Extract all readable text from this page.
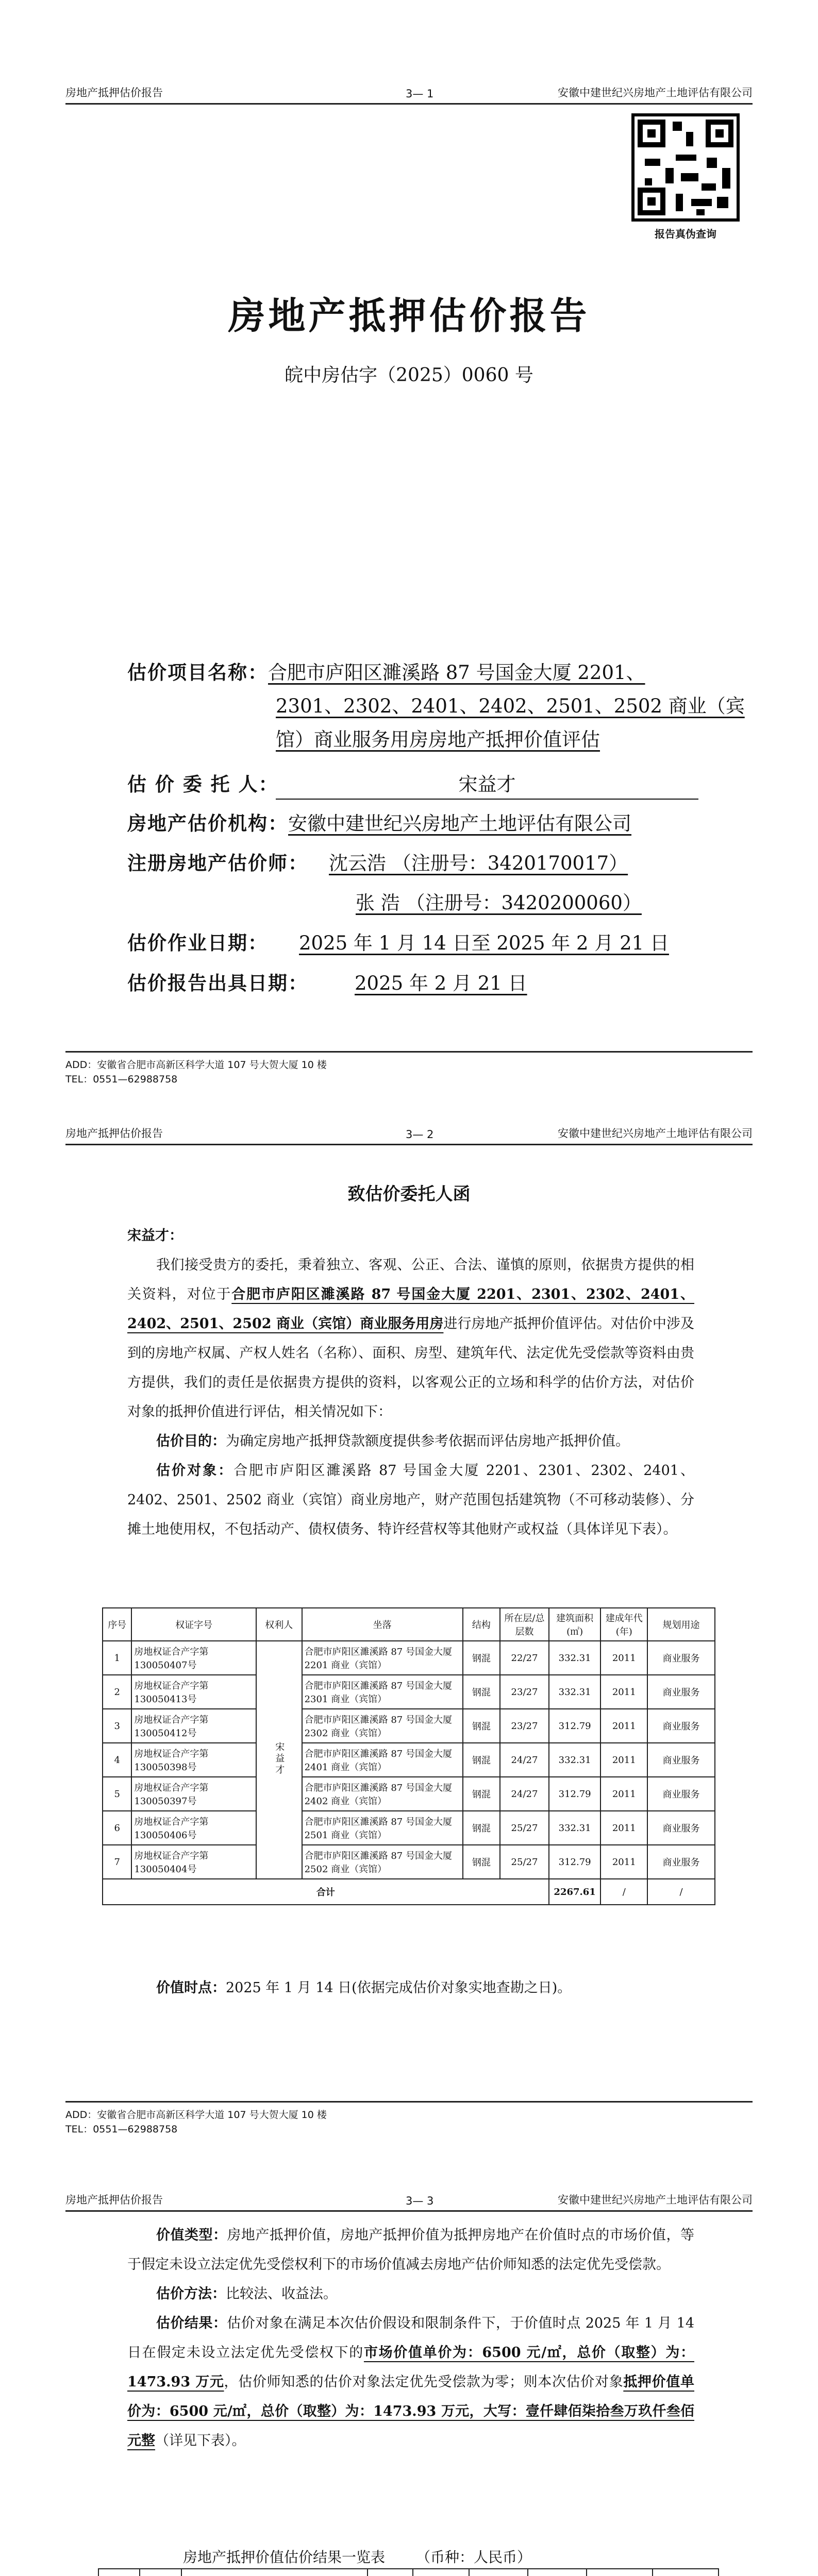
房地产抵押估价报告	3— 1	安徽中建世纪兴房地产土地评估有限公司
报告真伪查询
房地产抵押估价报告
皖中房估字（2025）0060 号
估价项目名称：合肥市庐阳区濉溪路 87 号国金大厦 2201、
2301、2302、2401、2402、2501、2502 商业（宾
馆）商业服务用房房地产抵押价值评估
估 价 委 托 人：	宋益才
房地产估价机构：安徽中建世纪兴房地产土地评估有限公司
注册房地产估价师： 沈云浩 （注册号：3420170017）
张 浩 （注册号：3420200060）
估价作业日期： 2025 年 1 月 14 日至 2025 年 2 月 21 日
估价报告出具日期： 2025 年 2 月 21 日
ADD：安徽省合肥市高新区科学大道 107 号大贺大厦 10 楼
TEL：0551—62988758
房地产抵押估价报告	3— 2	安徽中建世纪兴房地产土地评估有限公司
致估价委托人函

宋益才：

我们接受贵方的委托，秉着独立、客观、公正、合法、谨慎的原则，依据贵方提供的相关资料，对位于合肥市庐阳区濉溪路 87 号国金大厦 2201、2301、2302、2401、2402、2501、2502 商业（宾馆）商业服务用房进行房地产抵押价值评估。对估价中涉及到的房地产权属、产权人姓名（名称）、面积、房型、建筑年代、法定优先受偿款等资料由贵方提供，我们的责任是依据贵方提供的资料，以客观公正的立场和科学的估价方法，对估价对象的抵押价值进行评估，相关情况如下：

估价目的：为确定房地产抵押贷款额度提供参考依据而评估房地产抵押价值。

估价对象：合肥市庐阳区濉溪路 87 号国金大厦 2201、2301、2302、2401、2402、2501、2502 商业（宾馆）商业房地产，财产范围包括建筑物（不可移动装修）、分摊土地使用权，不包括动产、债权债务、特许经营权等其他财产或权益（具体详见下表）。

序号	权证字号	权利人	坐落	结构	所在层/总层数	建筑面积(㎡)	建成年代(年)	规划用途
1	房地权证合产字第130050407号	宋益才	合肥市庐阳区濉溪路 87 号国金大厦 2201 商业（宾馆）	钢混	22/27	332.31	2011	商业服务
2	房地权证合产字第130050413号		合肥市庐阳区濉溪路 87 号国金大厦 2301 商业（宾馆）	钢混	23/27	332.31	2011	商业服务
3	房地权证合产字第130050412号		合肥市庐阳区濉溪路 87 号国金大厦 2302 商业（宾馆）	钢混	23/27	312.79	2011	商业服务
4	房地权证合产字第130050398号		合肥市庐阳区濉溪路 87 号国金大厦 2401 商业（宾馆）	钢混	24/27	332.31	2011	商业服务
5	房地权证合产字第130050397号		合肥市庐阳区濉溪路 87 号国金大厦 2402 商业（宾馆）	钢混	24/27	312.79	2011	商业服务
6	房地权证合产字第130050406号		合肥市庐阳区濉溪路 87 号国金大厦 2501 商业（宾馆）	钢混	25/27	332.31	2011	商业服务
7	房地权证合产字第130050404号		合肥市庐阳区濉溪路 87 号国金大厦 2502 商业（宾馆）	钢混	25/27	312.79	2011	商业服务
合计						2267.61	/	/

价值时点：2025 年 1 月 14 日(依据完成估价对象实地查勘之日)。

ADD：安徽省合肥市高新区科学大道 107 号大贺大厦 10 楼
TEL：0551—62988758
房地产抵押估价报告	3— 3	安徽中建世纪兴房地产土地评估有限公司

价值类型：房地产抵押价值，房地产抵押价值为抵押房地产在价值时点的市场价值，等于假定未设立法定优先受偿权利下的市场价值减去房地产估价师知悉的法定优先受偿款。

估价方法：比较法、收益法。

估价结果：估价对象在满足本次估价假设和限制条件下，于价值时点 2025 年 1 月 14 日在假定未设立法定优先受偿权下的市场价值单价为：6500 元/㎡，总价（取整）为：1473.93 万元，估价师知悉的估价对象法定优先受偿款为零；则本次估价对象抵押价值单价为：6500 元/㎡，总价（取整）为：1473.93 万元，大写：壹仟肆佰柒拾叁万玖仟叁佰元整（详见下表）。

房地产抵押价值估价结果一览表 （币种：人民币）
